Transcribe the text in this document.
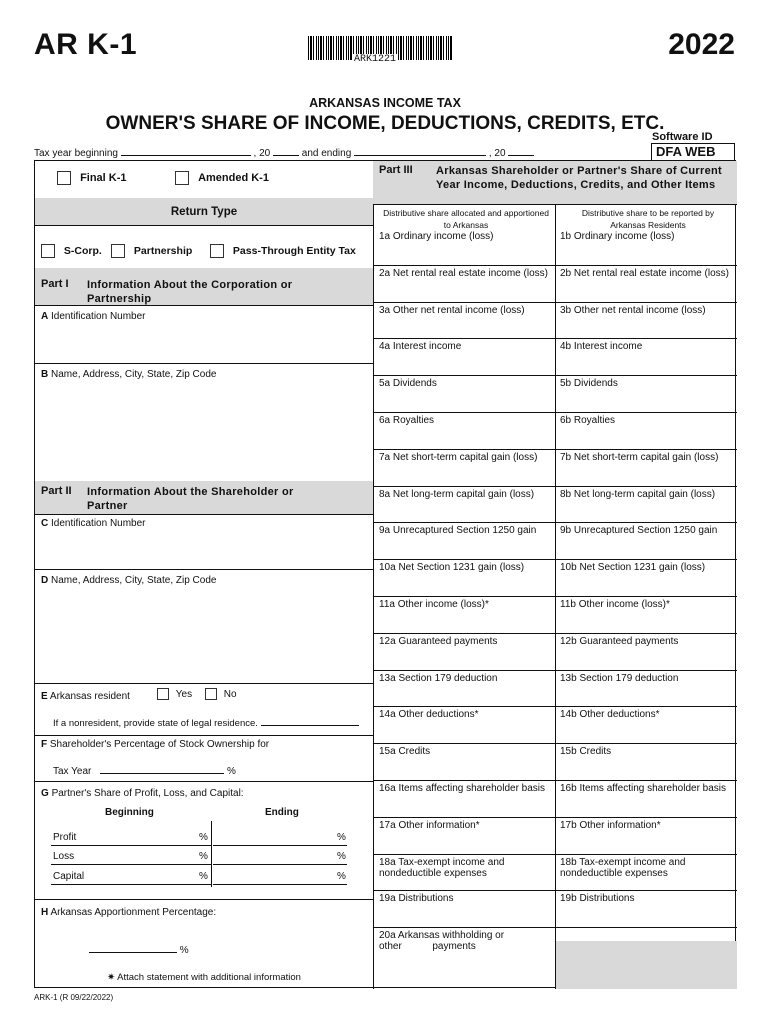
AR K-1	ARK1221	2022
ARKANSAS INCOME TAX
OWNER'S SHARE OF INCOME, DEDUCTIONS, CREDITS, ETC.
Software ID
DFA WEB
Tax year beginning	, 20	and ending	, 20
Final K-1	Amended K-1
Return Type
S-Corp.	Partnership	Pass-Through Entity Tax
Part I Information About the Corporation or Partnership
A Identification Number
B Name, Address, City, State, Zip Code
Part II Information About the Shareholder or Partner
C Identification Number
D Name, Address, City, State, Zip Code
E Arkansas resident	Yes	No
If a nonresident, provide state of legal residence.
F Shareholder's Percentage of Stock Ownership for
Tax Year	%
G Partner's Share of Profit, Loss, and Capital:
Beginning	Ending
Profit	%	%
Loss	%	%
Capital	%	%
H Arkansas Apportionment Percentage:
%
✷ Attach statement with additional information
Part III Arkansas Shareholder or Partner's Share of Current Year Income, Deductions, Credits, and Other Items
Distributive share allocated and apportioned to Arkansas
Distributive share to be reported by Arkansas Residents
1a Ordinary income (loss)	1b Ordinary income (loss)
2a Net rental real estate income (loss)	2b Net rental real estate income (loss)
3a Other net rental income (loss)	3b Other net rental income (loss)
4a Interest income	4b Interest income
5a Dividends	5b Dividends
6a Royalties	6b Royalties
7a Net short-term capital gain (loss)	7b Net short-term capital gain (loss)
8a Net long-term capital gain (loss)	8b Net long-term capital gain (loss)
9a Unrecaptured Section 1250 gain	9b Unrecaptured Section 1250 gain
10a Net Section 1231 gain (loss)	10b Net Section 1231 gain (loss)
11a Other income (loss)*	11b Other income (loss)*
12a Guaranteed payments	12b Guaranteed payments
13a Section 179 deduction	13b Section 179 deduction
14a Other deductions*	14b Other deductions*
15a Credits	15b Credits
16a Items affecting shareholder basis	16b Items affecting shareholder basis
17a Other information*	17b Other information*
18a Tax-exempt income and             nondeductible expenses
18b Tax-exempt income and             nondeductible expenses
19a Distributions	19b Distributions
20a Arkansas withholding or other           payments
ARK-1 (R 09/22/2022)
